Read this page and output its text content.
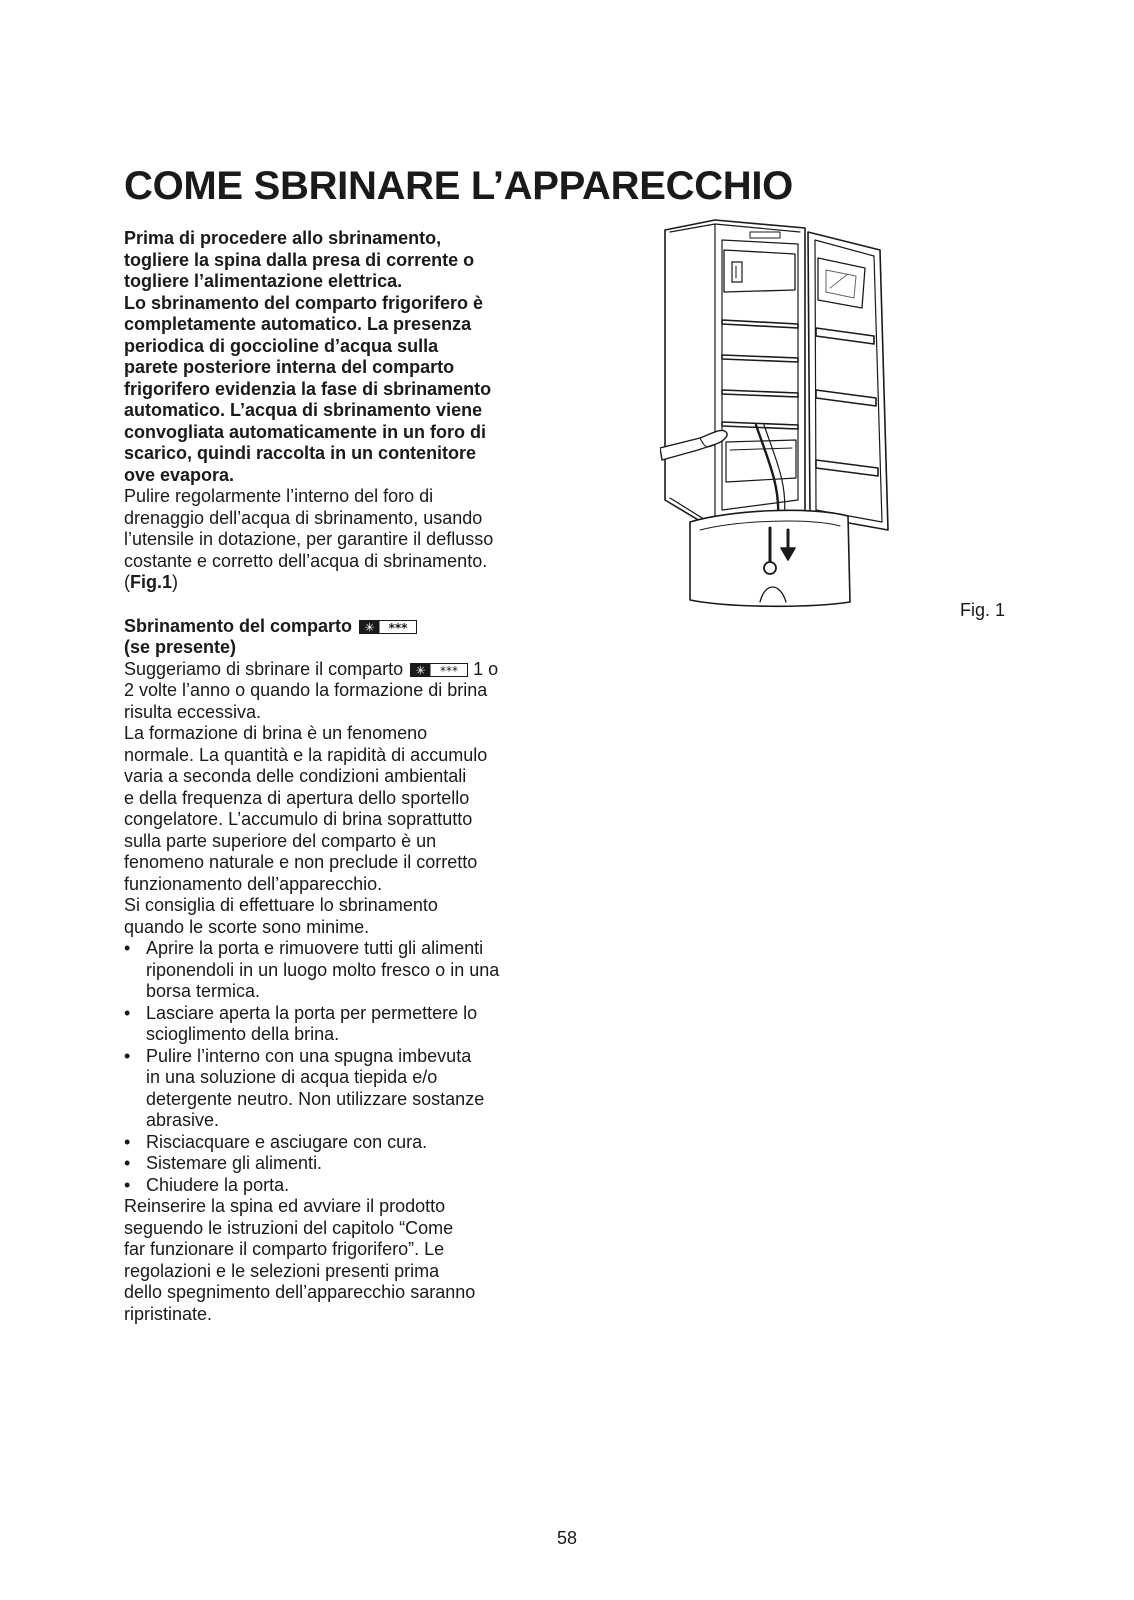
COME SBRINARE L’APPARECCHIO

Prima di procedere allo sbrinamento,

togliere la spina dalla presa di corrente o

togliere l’alimentazione elettrica.

Lo sbrinamento del comparto frigorifero è

completamente automatico. La presenza

periodica di goccioline d’acqua sulla

parete posteriore interna del comparto

frigorifero evidenzia la fase di sbrinamento

automatico. L’acqua di sbrinamento viene

convogliata automaticamente in un foro di

scarico, quindi raccolta in un contenitore

ove evapora.

Pulire regolarmente l’interno del foro di

drenaggio dell’acqua di sbrinamento, usando

l’utensile in dotazione, per garantire il deflusso

costante e corretto dell’acqua di sbrinamento.

(Fig.1)

Sbrinamento del comparto ✳ ***

(se presente)

Suggeriamo di sbrinare il comparto ✳ *** 1 o

2 volte l’anno o quando la formazione di brina

risulta eccessiva.

La formazione di brina è un fenomeno

normale. La quantità e la rapidità di accumulo

varia a seconda delle condizioni ambientali

e della frequenza di apertura dello sportello

congelatore. L’accumulo di brina soprattutto

sulla parte superiore del comparto è un

fenomeno naturale e non preclude il corretto

funzionamento dell’apparecchio.

Si consiglia di effettuare lo sbrinamento

quando le scorte sono minime.

• Aprire la porta e rimuovere tutti gli alimenti
riponendoli in un luogo molto fresco o in una
borsa termica.
• Lasciare aperta la porta per permettere lo
scioglimento della brina.
• Pulire l’interno con una spugna imbevuta
in una soluzione di acqua tiepida e/o
detergente neutro. Non utilizzare sostanze
abrasive.
• Risciacquare e asciugare con cura.
• Sistemare gli alimenti.
• Chiudere la porta.

Reinserire la spina ed avviare il prodotto

seguendo le istruzioni del capitolo “Come

far funzionare il comparto frigorifero”. Le

regolazioni e le selezioni presenti prima

dello spegnimento dell’apparecchio saranno

ripristinate.

Fig. 1
58
